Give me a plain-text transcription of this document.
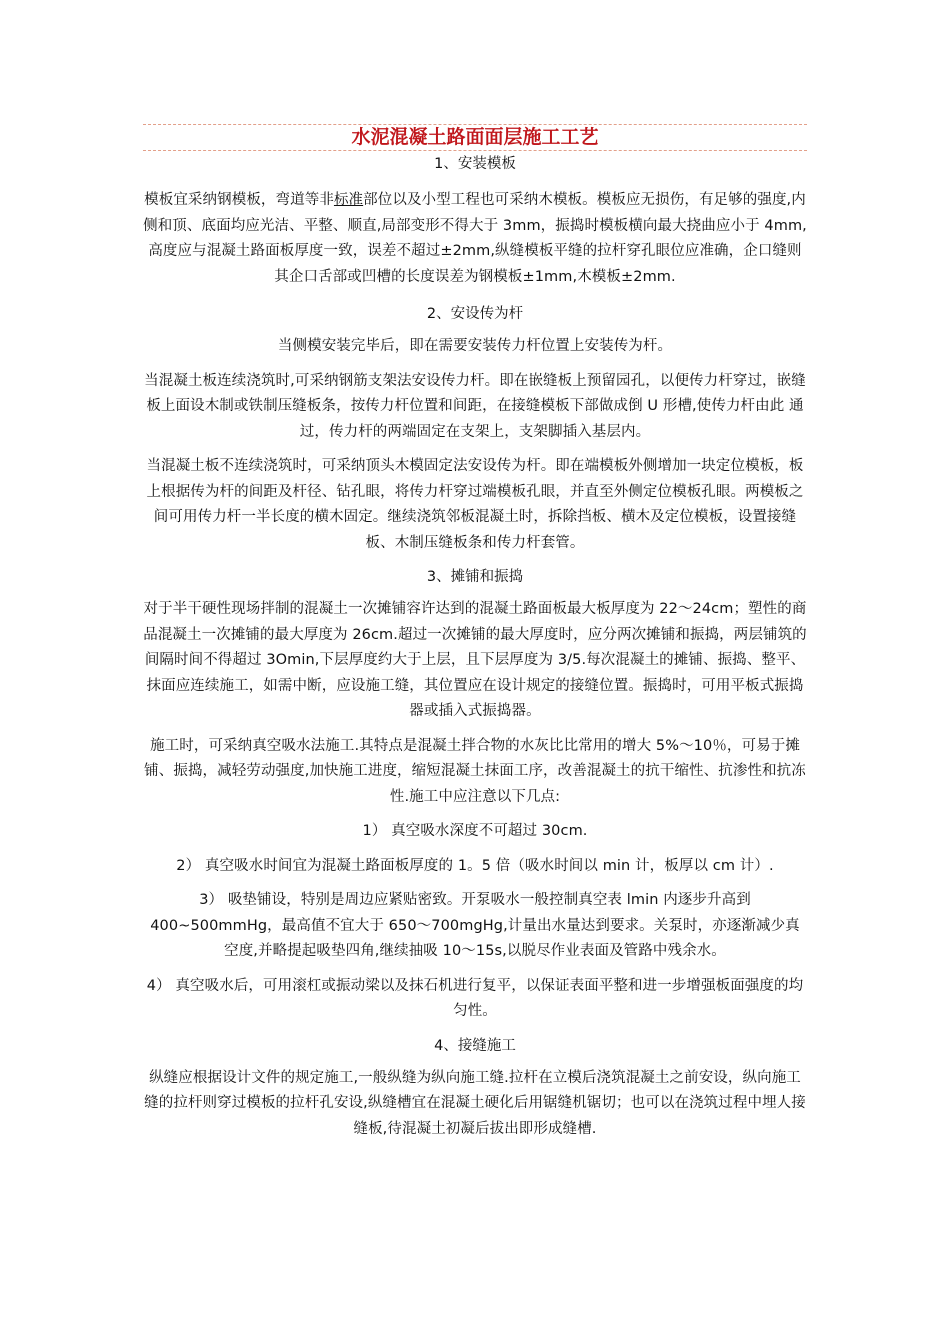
水泥混凝土路面面层施工工艺
1、安装模板
模板宜采纳钢模板，弯道等非标准部位以及小型工程也可采纳木模板。模板应无损伤，有足够的强度,内侧和顶、底面均应光洁、平整、顺直,局部变形不得大于 3mm，振捣时模板横向最大挠曲应小于 4mm,高度应与混凝土路面板厚度一致，误差不超过±2mm,纵缝模板平缝的拉杆穿孔眼位应准确，企口缝则其企口舌部或凹槽的长度误差为钢模板±1mm,木模板±2mm.
2、安设传为杆
当侧模安装完毕后，即在需要安装传力杆位置上安装传为杆。
当混凝土板连续浇筑时,可采纳钢筋支架法安设传力杆。即在嵌缝板上预留园孔，以便传力杆穿过，嵌缝板上面设木制或铁制压缝板条，按传力杆位置和间距，在接缝模板下部做成倒 U 形槽,使传力杆由此 通过，传力杆的两端固定在支架上，支架脚插入基层内。
当混凝土板不连续浇筑时，可采纳顶头木模固定法安设传为杆。即在端模板外侧增加一块定位模板，板上根据传为杆的间距及杆径、钻孔眼，将传力杆穿过端模板孔眼，并直至外侧定位模板孔眼。两模板之间可用传力杆一半长度的横木固定。继续浇筑邻板混凝土时，拆除挡板、横木及定位模板，设置接缝板、木制压缝板条和传力杆套管。
3、摊铺和振捣
对于半干硬性现场拌制的混凝土一次摊铺容许达到的混凝土路面板最大板厚度为 22～24cm；塑性的商品混凝土一次摊铺的最大厚度为 26cm.超过一次摊铺的最大厚度时，应分两次摊铺和振捣，两层铺筑的间隔时间不得超过 3Omin,下层厚度约大于上层，且下层厚度为 3/5.每次混凝土的摊铺、振捣、整平、抹面应连续施工，如需中断，应设施工缝，其位置应在设计规定的接缝位置。振捣时，可用平板式振捣器或插入式振捣器。
施工时，可采纳真空吸水法施工.其特点是混凝土拌合物的水灰比比常用的增大 5%～10％，可易于摊铺、振捣，减轻劳动强度,加快施工进度，缩短混凝土抹面工序，改善混凝土的抗干缩性、抗渗性和抗冻性.施工中应注意以下几点:
1） 真空吸水深度不可超过 30cm.
2） 真空吸水时间宜为混凝土路面板厚度的 1。5 倍（吸水时间以 min 计，板厚以 cm 计）.
3） 吸垫铺设，特别是周边应紧贴密致。开泵吸水一般控制真空表 lmin 内逐步升高到 400~500mmHg，最高值不宜大于 650～700mgHg,计量出水量达到要求。关泵时，亦逐渐减少真空度,并略提起吸垫四角,继续抽吸 10～15s,以脱尽作业表面及管路中残余水。
4） 真空吸水后，可用滚杠或振动梁以及抹石机进行复平，以保证表面平整和进一步增强板面强度的均匀性。
4、接缝施工
纵缝应根据设计文件的规定施工,一般纵缝为纵向施工缝.拉杆在立模后浇筑混凝土之前安设，纵向施工缝的拉杆则穿过模板的拉杆孔安设,纵缝槽宜在混凝土硬化后用锯缝机锯切；也可以在浇筑过程中埋人接缝板,待混凝土初凝后拔出即形成缝槽.
